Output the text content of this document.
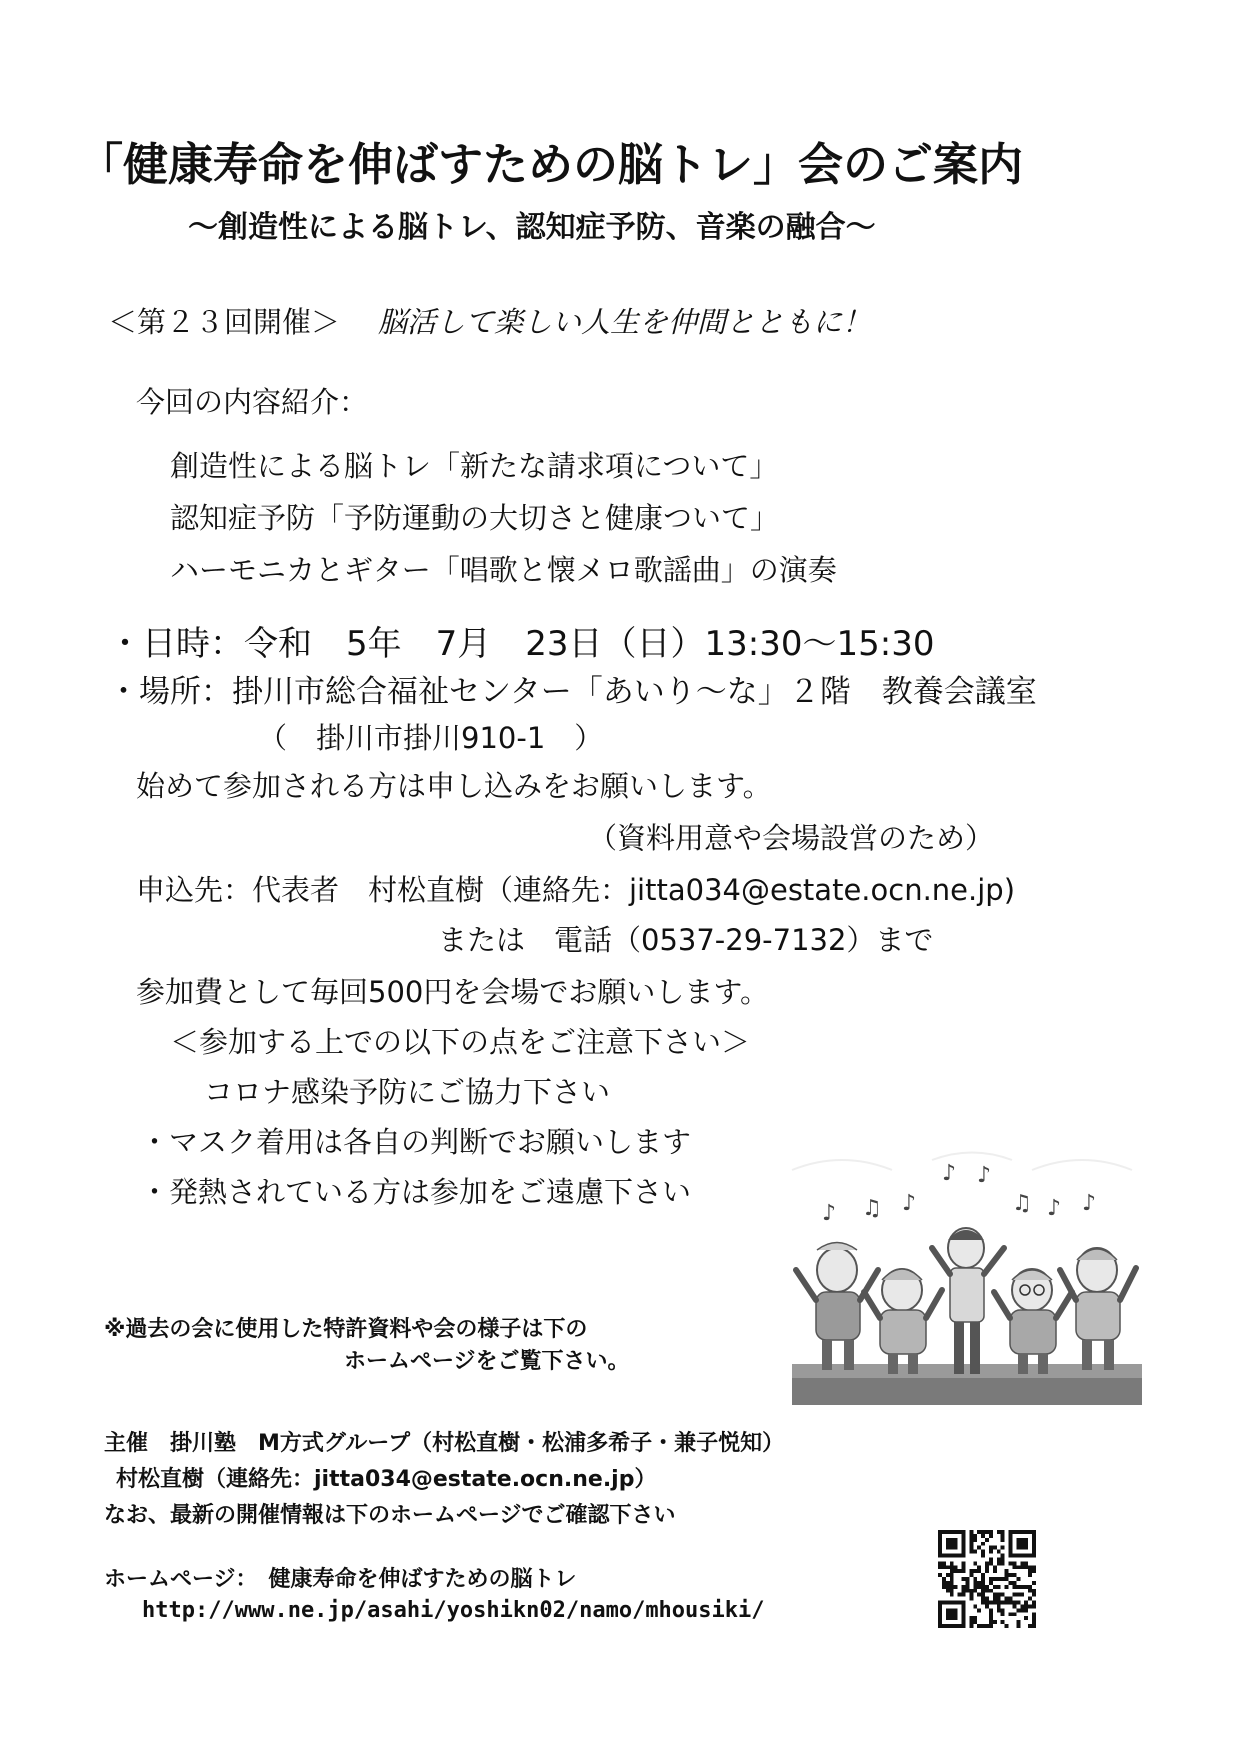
「健康寿命を伸ばすための脳トレ」会のご案内
～創造性による脳トレ、認知症予防、音楽の融合～
＜第２３回開催＞ 脳活して楽しい人生を仲間とともに！
今回の内容紹介：
創造性による脳トレ「新たな請求項について」
認知症予防「予防運動の大切さと健康ついて」
ハーモニカとギター「唱歌と懐メロ歌謡曲」の演奏
・日時：令和　5年　7月　23日（日）13:30～15:30
・場所：掛川市総合福祉センター「あいり～な」２階　教養会議室
（　掛川市掛川910-1　）
始めて参加される方は申し込みをお願いします。
（資料用意や会場設営のため）
申込先：代表者　村松直樹（連絡先：jitta034@estate.ocn.ne.jp)
または　電話（0537-29-7132）まで
参加費として毎回500円を会場でお願いします。
＜参加する上での以下の点をご注意下さい＞
コロナ感染予防にご協力下さい
・マスク着用は各自の判断でお願いします
・発熱されている方は参加をご遠慮下さい
♪ ♫ ♪
♪ ♪
♫ ♪ ♪
※過去の会に使用した特許資料や会の様子は下の
ホームページをご覧下さい。
主催　掛川塾　M方式グループ（村松直樹・松浦多希子・兼子悦知）
村松直樹（連絡先：jitta034@estate.ocn.ne.jp）
なお、最新の開催情報は下のホームページでご確認下さい
ホームページ：　健康寿命を伸ばすための脳トレ
http://www.ne.jp/asahi/yoshikn02/namo/mhousiki/
